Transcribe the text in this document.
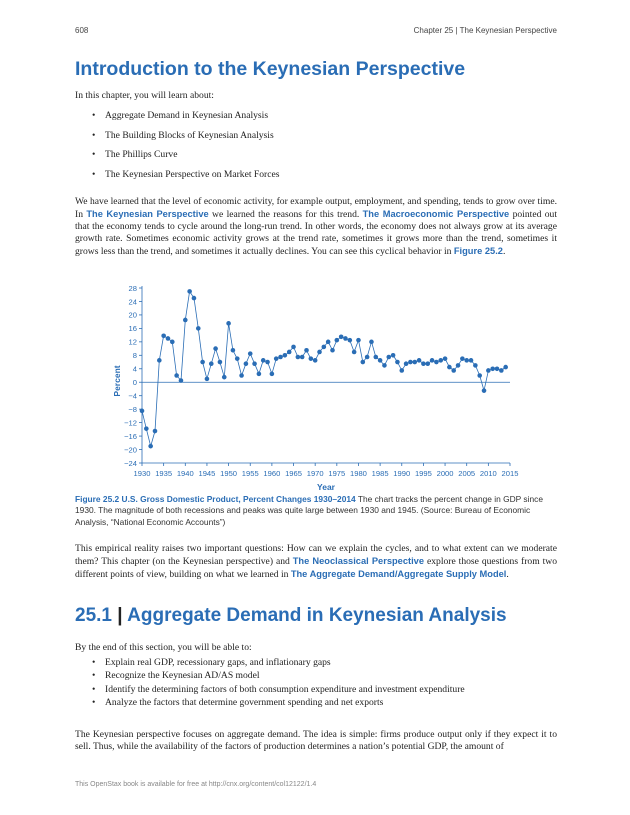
608	Chapter 25 | The Keynesian Perspective
Introduction to the Keynesian Perspective

In this chapter, you will learn about:

• Aggregate Demand in Keynesian Analysis
• The Building Blocks of Keynesian Analysis
• The Phillips Curve
• The Keynesian Perspective on Market Forces

We have learned that the level of economic activity, for example output, employment, and spending, tends to grow over time. In The Keynesian Perspective we learned the reasons for this trend. The Macroeconomic Perspective pointed out that the economy tends to cycle around the long-run trend. In other words, the economy does not always grow at its average growth rate. Sometimes economic activity grows at the trend rate, sometimes it grows more than the trend, sometimes it grows less than the trend, and sometimes it actually declines. You can see this cyclical behavior in Figure 25.2.

28
24
20
16
12
8
4
0
−4
−8
−12
−16
−20
−24
1930 1935 1940 1945 1950 1955 1960 1965 1970 1975 1980 1985 1990 1995 2000 2005 2010 2015
Percent
Year

Figure 25.2 U.S. Gross Domestic Product, Percent Changes 1930–2014 The chart tracks the percent change in GDP since 1930. The magnitude of both recessions and peaks was quite large between 1930 and 1945. (Source: Bureau of Economic Analysis, “National Economic Accounts”)

This empirical reality raises two important questions: How can we explain the cycles, and to what extent can we moderate them? This chapter (on the Keynesian perspective) and The Neoclassical Perspective explore those questions from two different points of view, building on what we learned in The Aggregate Demand/Aggregate Supply Model.

25.1 | Aggregate Demand in Keynesian Analysis

By the end of this section, you will be able to:

• Explain real GDP, recessionary gaps, and inflationary gaps
• Recognize the Keynesian AD/AS model
• Identify the determining factors of both consumption expenditure and investment expenditure
• Analyze the factors that determine government spending and net exports

The Keynesian perspective focuses on aggregate demand. The idea is simple: firms produce output only if they expect it to sell. Thus, while the availability of the factors of production determines a nation’s potential GDP, the amount of

This OpenStax book is available for free at http://cnx.org/content/col12122/1.4
